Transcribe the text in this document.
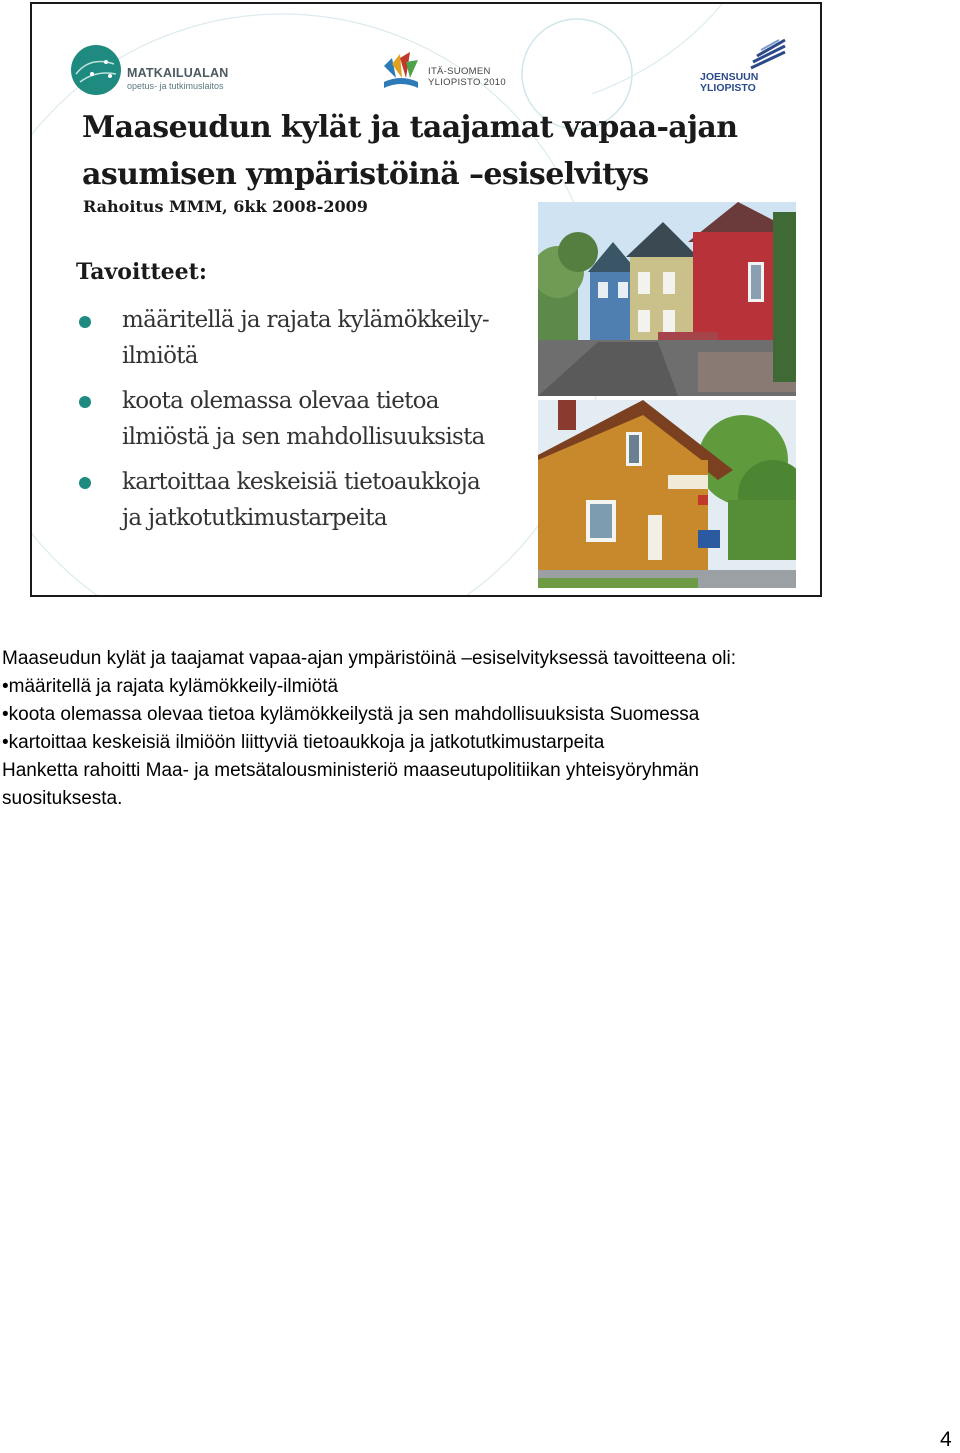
MATKAILUALAN
opetus- ja tutkimuslaitos
ITÄ-SUOMEN
YLIOPISTO 2010	JOENSUUN
YLIOPISTO
Maaseudun kylät ja taajamat vapaa-ajan
asumisen ympäristöinä –esiselvitys
Rahoitus MMM, 6kk 2008-2009
Tavoitteet:
määritellä ja rajata kylämökkeily-
ilmiötä
koota olemassa olevaa tietoa
ilmiöstä ja sen mahdollisuuksista
kartoittaa keskeisiä tietoaukkoja
ja jatkotutkimustarpeita
Maaseudun kylät ja taajamat vapaa-ajan ympäristöinä –esiselvityksessä tavoitteena oli:
•määritellä ja rajata kylämökkeily-ilmiötä
•koota olemassa olevaa tietoa kylämökkeilystä ja sen mahdollisuuksista Suomessa
•kartoittaa keskeisiä ilmiöön liittyviä tietoaukkoja ja jatkotutkimustarpeita
Hanketta rahoitti Maa- ja metsätalousministeriö maaseutupolitiikan yhteisyöryhmän
suosituksesta.
4
